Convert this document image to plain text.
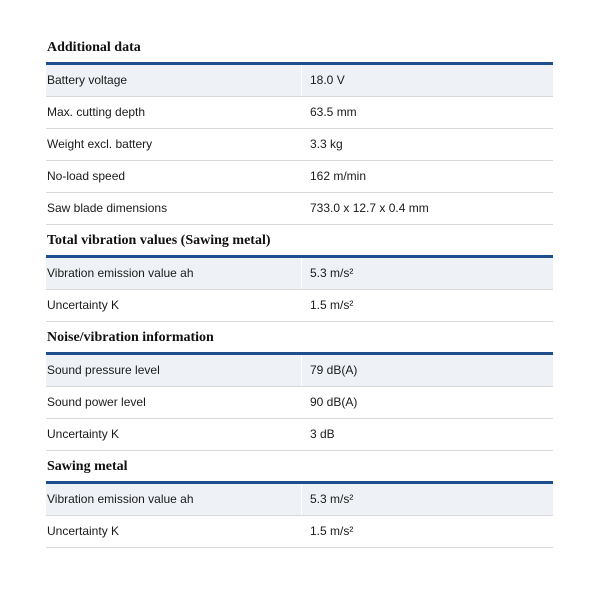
Additional data
Battery voltage	18.0 V
Max. cutting depth	63.5 mm
Weight excl. battery	3.3 kg
No-load speed	162 m/min
Saw blade dimensions	733.0 x 12.7 x 0.4 mm
Total vibration values (Sawing metal)
Vibration emission value ah	5.3 m/s²
Uncertainty K	1.5 m/s²
Noise/vibration information
Sound pressure level	79 dB(A)
Sound power level	90 dB(A)
Uncertainty K	3 dB
Sawing metal
Vibration emission value ah	5.3 m/s²
Uncertainty K	1.5 m/s²
